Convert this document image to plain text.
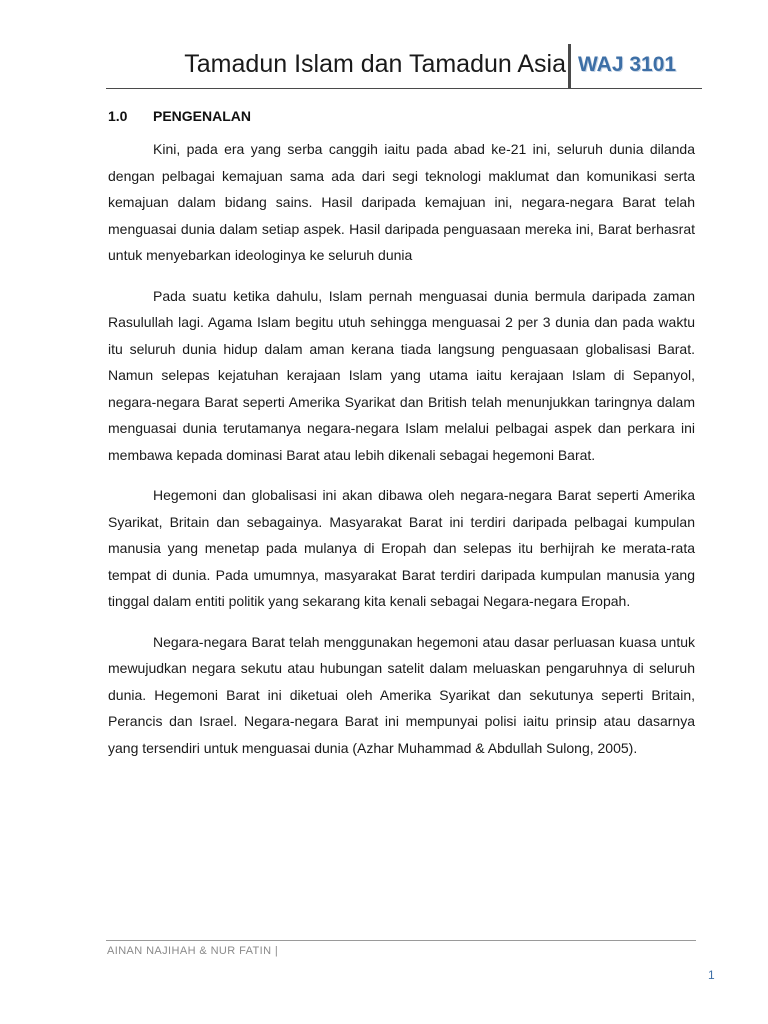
Tamadun Islam dan Tamadun Asia WAJ 3101
1.0 PENGENALAN

Kini, pada era yang serba canggih iaitu pada abad ke-21 ini, seluruh dunia dilanda dengan pelbagai kemajuan sama ada dari segi teknologi maklumat dan komunikasi serta kemajuan dalam bidang sains. Hasil daripada kemajuan ini, negara-negara Barat telah menguasai dunia dalam setiap aspek. Hasil daripada penguasaan mereka ini, Barat berhasrat untuk menyebarkan ideologinya ke seluruh dunia

Pada suatu ketika dahulu, Islam pernah menguasai dunia bermula daripada zaman Rasulullah lagi. Agama Islam begitu utuh sehingga menguasai 2 per 3 dunia dan pada waktu itu seluruh dunia hidup dalam aman kerana tiada langsung penguasaan globalisasi Barat. Namun selepas kejatuhan kerajaan Islam yang utama iaitu kerajaan Islam di Sepanyol, negara-negara Barat seperti Amerika Syarikat dan British telah menunjukkan taringnya dalam menguasai dunia terutamanya negara-negara Islam melalui pelbagai aspek dan perkara ini membawa kepada dominasi Barat atau lebih dikenali sebagai hegemoni Barat.

Hegemoni dan globalisasi ini akan dibawa oleh negara-negara Barat seperti Amerika Syarikat, Britain dan sebagainya. Masyarakat Barat ini terdiri daripada pelbagai kumpulan manusia yang menetap pada mulanya di Eropah dan selepas itu berhijrah ke merata-rata tempat di dunia. Pada umumnya, masyarakat Barat terdiri daripada kumpulan manusia yang tinggal dalam entiti politik yang sekarang kita kenali sebagai Negara-negara Eropah.

Negara-negara Barat telah menggunakan hegemoni atau dasar perluasan kuasa untuk mewujudkan negara sekutu atau hubungan satelit dalam meluaskan pengaruhnya di seluruh dunia. Hegemoni Barat ini diketuai oleh Amerika Syarikat dan sekutunya seperti Britain, Perancis dan Israel. Negara-negara Barat ini mempunyai polisi iaitu prinsip atau dasarnya yang tersendiri untuk menguasai dunia (Azhar Muhammad & Abdullah Sulong, 2005).

AINAN NAJIHAH & NUR FATIN |
1
